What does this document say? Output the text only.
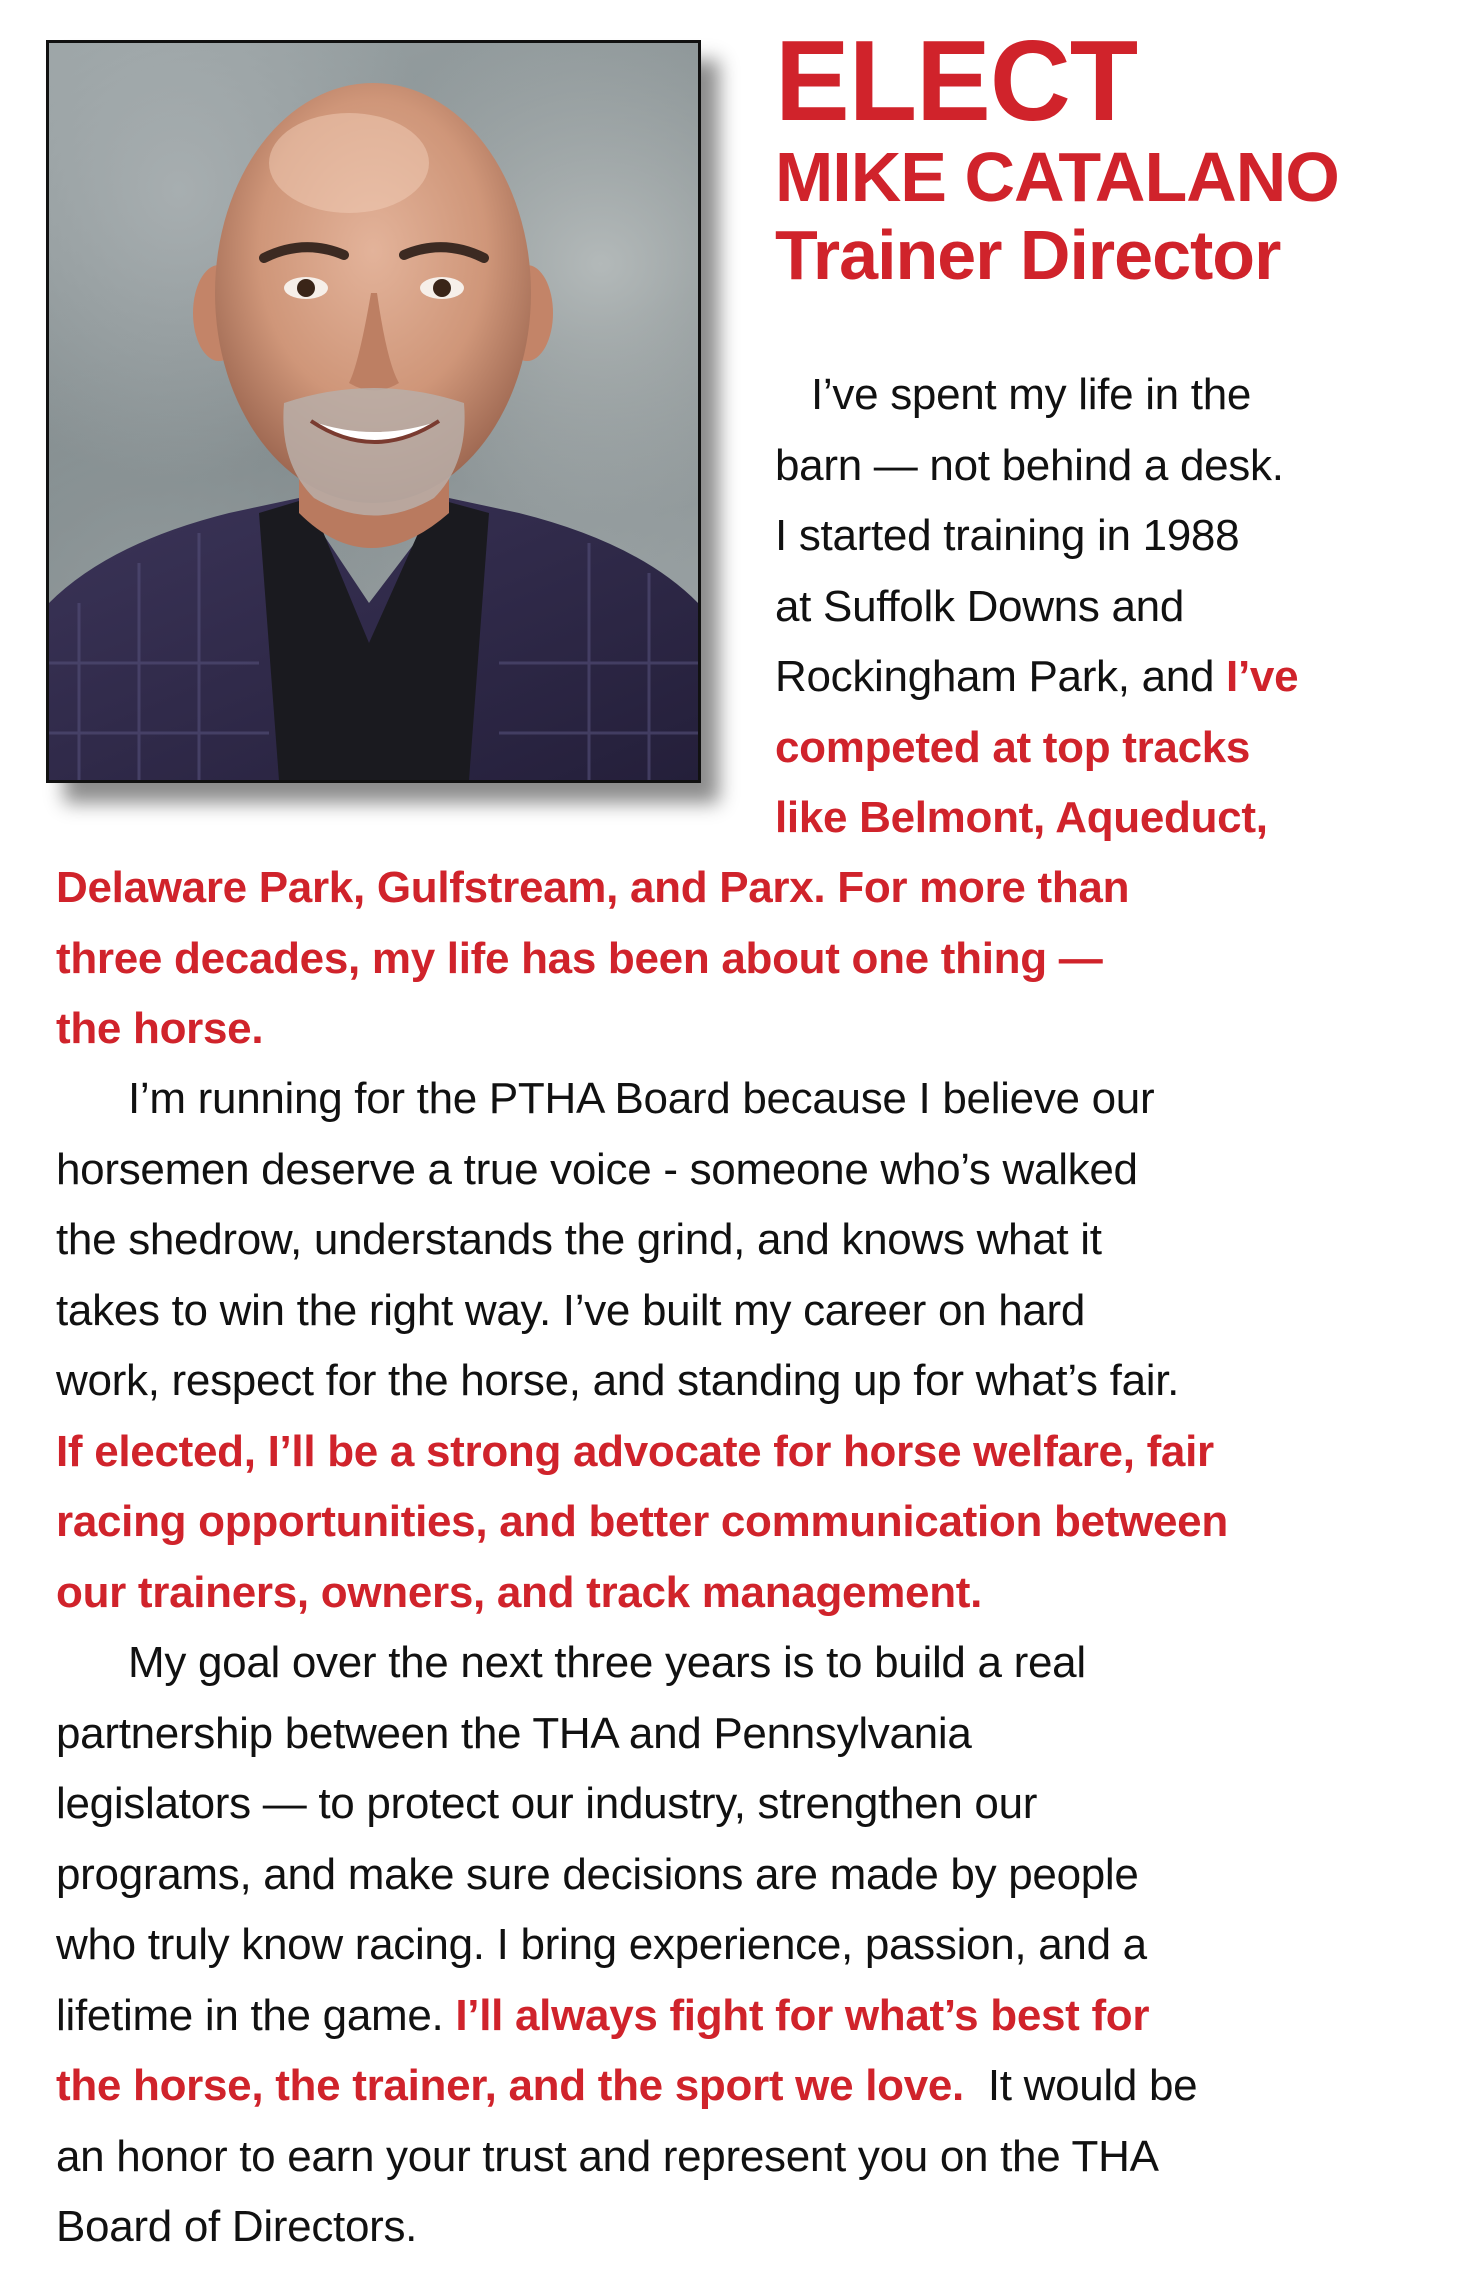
ELECT
MIKE CATALANO
Trainer Director
I’ve spent my life in the
barn — not behind a desk.
I started training in 1988
at Suffolk Downs and
Rockingham Park, and I’ve
competed at top tracks
like Belmont, Aqueduct,
Delaware Park, Gulfstream, and Parx. For more than
three decades, my life has been about one thing —
the horse.
I’m running for the PTHA Board because I believe our
horsemen deserve a true voice - someone who’s walked
the shedrow, understands the grind, and knows what it
takes to win the right way. I’ve built my career on hard
work, respect for the horse, and standing up for what’s fair.
If elected, I’ll be a strong advocate for horse welfare, fair
racing opportunities, and better communication between
our trainers, owners, and track management.
My goal over the next three years is to build a real
partnership between the THA and Pennsylvania
legislators — to protect our industry, strengthen our
programs, and make sure decisions are made by people
who truly know racing. I bring experience, passion, and a
lifetime in the game. I’ll always fight for what’s best for
the horse, the trainer, and the sport we love.  It would be
an honor to earn your trust and represent you on the THA
Board of Directors.
